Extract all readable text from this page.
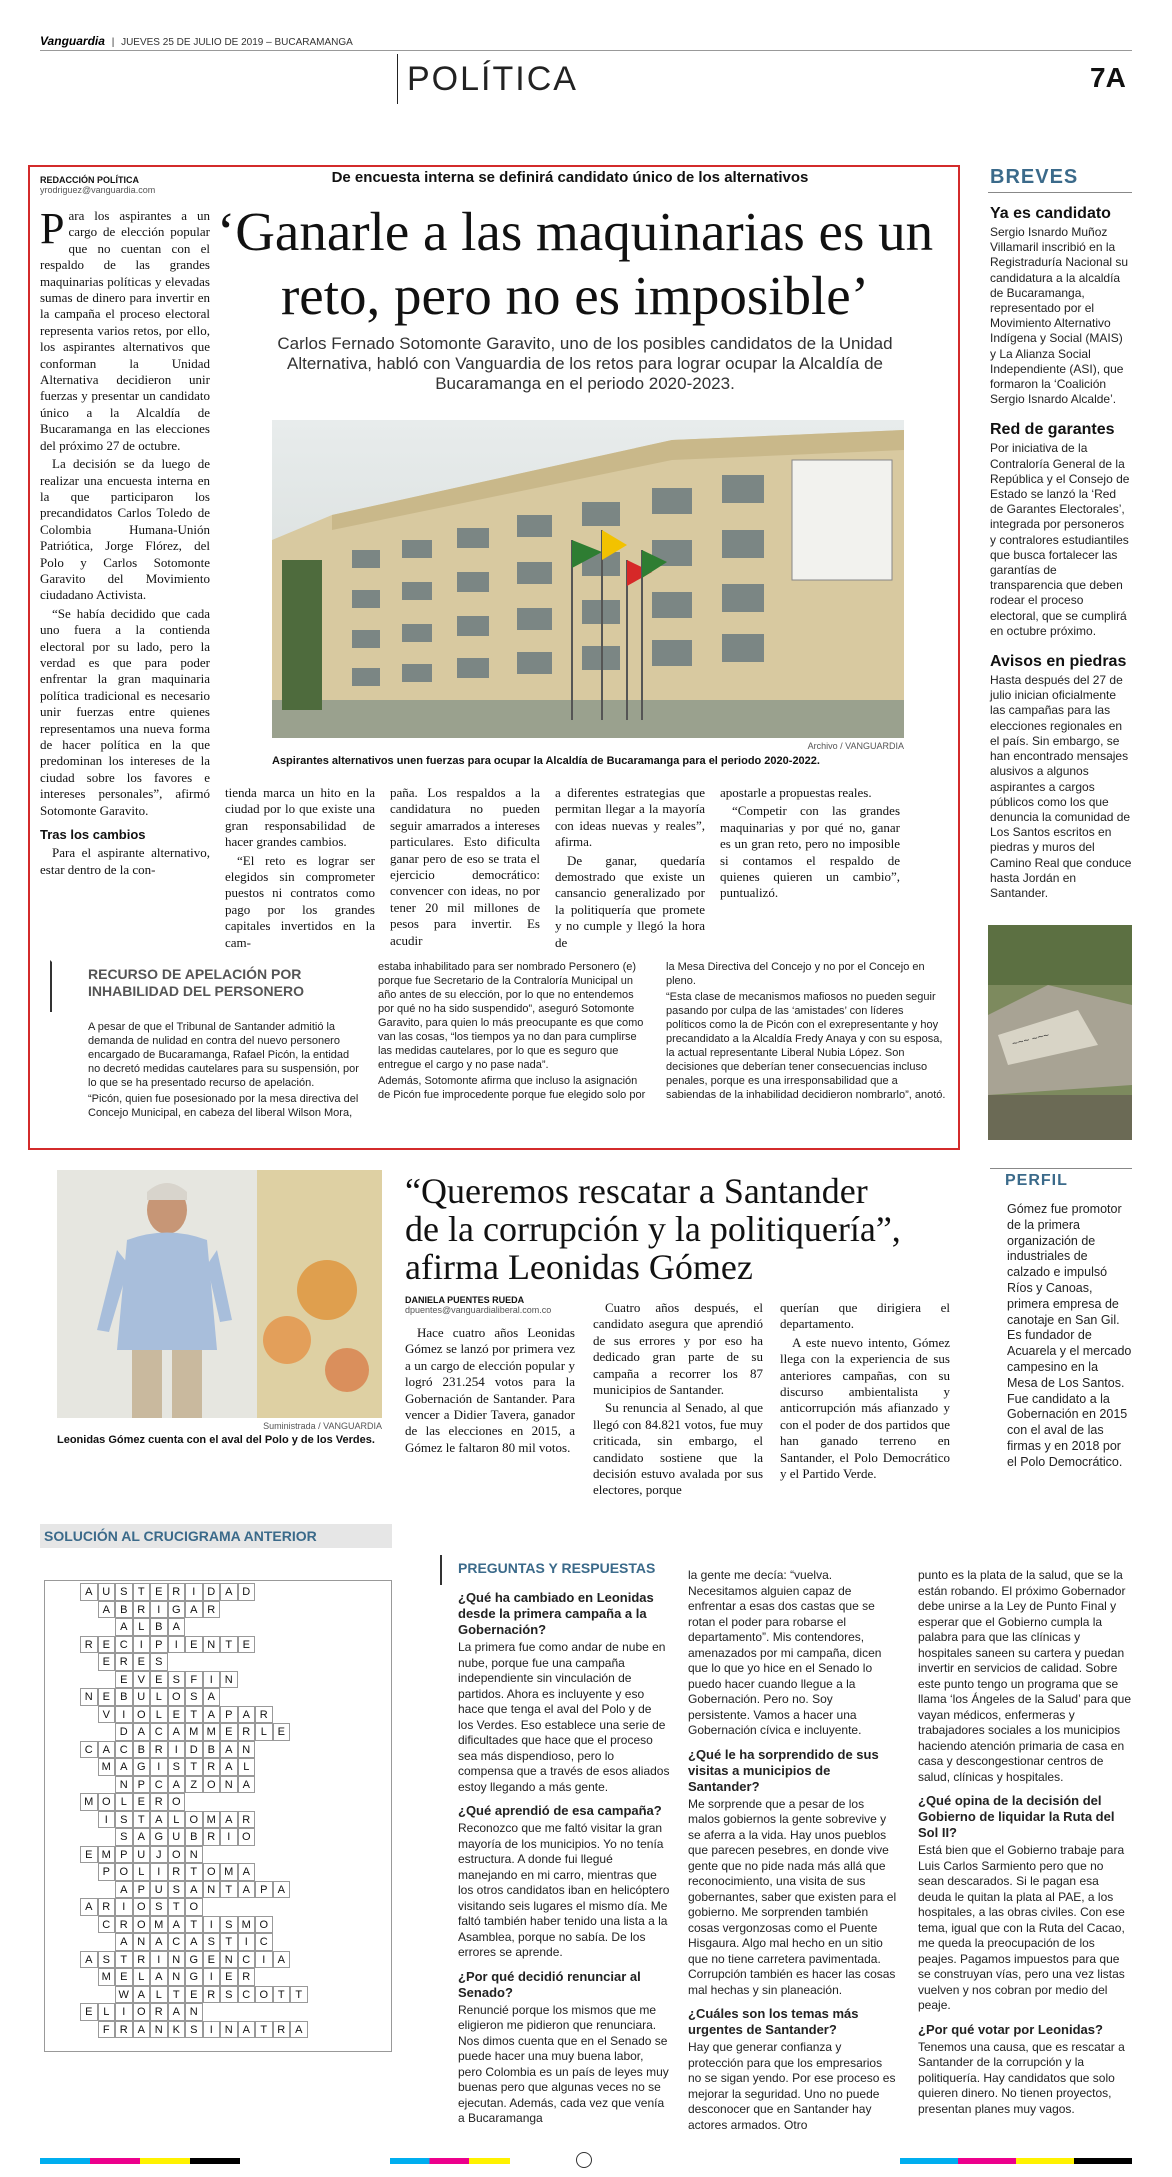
Vanguardia | JUEVES 25 DE JULIO DE 2019 – BUCARAMANGA
POLÍTICA	7A
REDACCIÓN POLÍTICA
yrodriguez@vanguardia.com
De encuesta interna se definirá candidato único de los alternativos
‘Ganarle a las maquinarias es un
reto, pero no es imposible’
Carlos Fernado Sotomonte Garavito, uno de los posibles candidatos de la Unidad Alternativa, habló con Vanguardia de los retos para lograr ocupar la Alcaldía de Bucaramanga en el periodo 2020-2023.
Archivo / VANGUARDIA
Aspirantes alternativos unen fuerzas para ocupar la Alcaldía de Bucaramanga para el periodo 2020-2022.

Para los aspirantes a un cargo de elección popular que no cuentan con el respaldo de las grandes maquinarias políticas y elevadas sumas de dinero para invertir en la campaña el proceso electoral representa varios retos, por ello, los aspirantes alternativos que conforman la Unidad Alternativa decidieron unir fuerzas y presentar un candidato único a la Alcaldía de Bucaramanga en las elecciones del próximo 27 de octubre.

La decisión se da luego de realizar una encuesta interna en la que participaron los precandidatos Carlos Toledo de Colombia Humana-Unión Patriótica, Jorge Flórez, del Polo y Carlos Sotomonte Garavito del Movimiento ciudadano Activista.

“Se había decidido que cada uno fuera a la contienda electoral por su lado, pero la verdad es que para poder enfrentar la gran maquinaria política tradicional es necesario unir fuerzas entre quienes representamos una nueva forma de hacer política en la que predominan los intereses de la ciudad sobre los favores e intereses personales”, afirmó Sotomonte Garavito.

Tras los cambios

Para el aspirante alternativo, estar dentro de la con-

tienda marca un hito en la ciudad por lo que existe una gran responsabilidad de hacer grandes cambios.

“El reto es lograr ser elegidos sin comprometer puestos ni contratos como pago por los grandes capitales invertidos en la cam-

paña. Los respaldos a la candidatura no pueden seguir amarrados a intereses particulares. Esto dificulta ganar pero de eso se trata el ejercicio democrático: convencer con ideas, no por tener 20 mil millones de pesos para invertir. Es acudir

a diferentes estrategias que permitan llegar a la mayoría con ideas nuevas y reales”, afirma.

De ganar, quedaría demostrado que existe un cansancio generalizado por la politiquería que promete y no cumple y llegó la hora de

apostarle a propuestas reales.

“Competir con las grandes maquinarias y por qué no, ganar es un gran reto, pero no imposible si contamos el respaldo de quienes quieren un cambio”, puntualizó.

RECURSO DE APELACIÓN POR
INHABILIDAD DEL PERSONERO

A pesar de que el Tribunal de Santander admitió la demanda de nulidad en contra del nuevo personero encargado de Bucaramanga, Rafael Picón, la entidad no decretó medidas cautelares para su suspensión, por lo que se ha presentado recurso de apelación.

“Picón, quien fue posesionado por la mesa directiva del Concejo Municipal, en cabeza del liberal Wilson Mora,

estaba inhabilitado para ser nombrado Personero (e) porque fue Secretario de la Contraloría Municipal un año antes de su elección, por lo que no entendemos por qué no ha sido suspendido”, aseguró Sotomonte Garavito, para quien lo más preocupante es que como van las cosas, “los tiempos ya no dan para cumplirse las medidas cautelares, por lo que es seguro que entregue el cargo y no pase nada”.

Además, Sotomonte afirma que incluso la asignación de Picón fue improcedente porque fue elegido solo por

la Mesa Directiva del Concejo y no por el Concejo en pleno.

“Esta clase de mecanismos mafiosos no pueden seguir pasando por culpa de las ‘amistades’ con líderes políticos como la de Picón con el exrepresentante y hoy precandidato a la Alcaldía Fredy Anaya y con su esposa, la actual representante Liberal Nubia López. Son decisiones que deberían tener consecuencias incluso penales, porque es una irresponsabilidad que a sabiendas de la inhabilidad decidieron nombrarlo”, anotó.

BREVES
Ya es candidato
Sergio Isnardo Muñoz Villamaril inscribió en la Registraduría Nacional su candidatura a la alcaldía de Bucaramanga, representado por el Movimiento Alternativo Indígena y Social (MAIS) y La Alianza Social Independiente (ASI), que formaron la ‘Coalición Sergio Isnardo Alcalde’.
Red de garantes
Por iniciativa de la Contraloría General de la República y el Consejo de Estado se lanzó la ‘Red de Garantes Electorales’, integrada por personeros y contralores estudiantiles que busca fortalecer las garantías de transparencia que deben rodear el proceso electoral, que se cumplirá en octubre próximo.
Avisos en piedras
Hasta después del 27 de julio inician oficialmente las campañas para las elecciones regionales en el país. Sin embargo, se han encontrado mensajes alusivos a algunos aspirantes a cargos públicos como los que denuncia la comunidad de Los Santos escritos en piedras y muros del Camino Real que conduce hasta Jordán en Santander.
~~~ ~~~
Suministrada / VANGUARDIA
Leonidas Gómez cuenta con el aval del Polo y de los Verdes.
“Queremos rescatar a Santander
de la corrupción y la politiquería”,
afirma Leonidas Gómez
DANIELA PUENTES RUEDA
dpuentes@vanguardialiberal.com.co

Hace cuatro años Leonidas Gómez se lanzó por primera vez a un cargo de elección popular y logró 231.254 votos para la Gobernación de Santander. Para vencer a Didier Tavera, ganador de las elecciones en 2015, a Gómez le faltaron 80 mil votos.

Cuatro años después, el candidato asegura que aprendió de sus errores y por eso ha dedicado gran parte de su campaña a recorrer los 87 municipios de Santander.

Su renuncia al Senado, al que llegó con 84.821 votos, fue muy criticada, sin embargo, el candidato sostiene que la decisión estuvo avalada por sus electores, porque

querían que dirigiera el departamento.

A este nuevo intento, Gómez llega con la experiencia de sus anteriores campañas, con su discurso ambientalista y anticorrupción más afianzado y con el poder de dos partidos que han ganado terreno en Santander, el Polo Democrático y el Partido Verde.

PERFIL
Gómez fue promotor de la primera organización de industriales de calzado e impulsó Ríos y Canoas, primera empresa de canotaje en San Gil. Es fundador de Acuarela y el mercado campesino en la Mesa de Los Santos. Fue candidato a la Gobernación en 2015 con el aval de las firmas y en 2018 por el Polo Democrático.
SOLUCIÓN AL CRUCIGRAMA ANTERIOR
A U S T E R	I	D A D
A B R	I	G A R
A L B A
R E C	I	P	I	E N T E
E R E S
E V E S F	I	N
N E B U L O S A
V	I	O L E T A P A R
D A C A M M E R L E
C A C B R	I	D B A N
M A G	I	S T R A L
N P C A Z O N A
M O L E R O
I	S T A L O M A R
S A G U B R	I	O
E M P U J O N
P O L	I	R T O M A
A P U S A N T A P A
A R	I	O S T O
C R O M A T	I	S M O
A N A C A S T	I	C
A S T R	I	N G E N C	I	A
M E L A N G	I	E R
W A L	T E R S C O T T
E L	I	O R A N
F R A N K S	I	N A T R A
PREGUNTAS Y RESPUESTAS
¿Qué ha cambiado en Leonidas desde la primera campaña a la Gobernación?

La primera fue como andar de nube en nube, porque fue una campaña independiente sin vinculación de partidos. Ahora es incluyente y eso hace que tenga el aval del Polo y de los Verdes. Eso establece una serie de dificultades que hace que el proceso sea más dispendioso, pero lo compensa que a través de esos aliados estoy llegando a más gente.

¿Qué aprendió de esa campaña?

Reconozco que me faltó visitar la gran mayoría de los municipios. Yo no tenía estructura. A donde fui llegué manejando en mi carro, mientras que los otros candidatos iban en helicóptero visitando seis lugares el mismo día. Me faltó también haber tenido una lista a la Asamblea, porque no sabía. De los errores se aprende.

¿Por qué decidió renunciar al Senado?

Renuncié porque los mismos que me eligieron me pidieron que renunciara. Nos dimos cuenta que en el Senado se puede hacer una muy buena labor, pero Colombia es un país de leyes muy buenas pero que algunas veces no se ejecutan. Además, cada vez que venía a Bucaramanga

la gente me decía: “vuelva. Necesitamos alguien capaz de enfrentar a esas dos castas que se rotan el poder para robarse el departamento”. Mis contendores, amenazados por mi campaña, dicen que lo que yo hice en el Senado lo puedo hacer cuando llegue a la Gobernación. Pero no. Soy persistente. Vamos a hacer una Gobernación cívica e incluyente.

¿Qué le ha sorprendido de sus visitas a municipios de Santander?

Me sorprende que a pesar de los malos gobiernos la gente sobrevive y se aferra a la vida. Hay unos pueblos que parecen pesebres, en donde vive gente que no pide nada más allá que reconocimiento, una visita de sus gobernantes, saber que existen para el gobierno. Me sorprenden también cosas vergonzosas como el Puente Hisgaura. Algo mal hecho en un sitio que no tiene carretera pavimentada. Corrupción también es hacer las cosas mal hechas y sin planeación.

¿Cuáles son los temas más urgentes de Santander?

Hay que generar confianza y protección para que los empresarios no se sigan yendo. Por ese proceso es mejorar la seguridad. Uno no puede desconocer que en Santander hay actores armados. Otro

punto es la plata de la salud, que se la están robando. El próximo Gobernador debe unirse a la Ley de Punto Final y esperar que el Gobierno cumpla la palabra para que las clínicas y hospitales saneen su cartera y puedan invertir en servicios de calidad. Sobre este punto tengo un programa que se llama ‘los Ángeles de la Salud’ para que vayan médicos, enfermeras y trabajadores sociales a los municipios haciendo atención primaria de casa en casa y descongestionar centros de salud, clínicas y hospitales.

¿Qué opina de la decisión del Gobierno de liquidar la Ruta del Sol II?

Está bien que el Gobierno trabaje para Luis Carlos Sarmiento pero que no sean descarados. Si le pagan esa deuda le quitan la plata al PAE, a los hospitales, a las obras civiles. Con ese tema, igual que con la Ruta del Cacao, me queda la preocupación de los peajes. Pagamos impuestos para que se construyan vías, pero una vez listas vuelven y nos cobran por medio del peaje.

¿Por qué votar por Leonidas?

Tenemos una causa, que es rescatar a Santander de la corrupción y la politiquería. Hay candidatos que solo quieren dinero. No tienen proyectos, presentan planes muy vagos.
